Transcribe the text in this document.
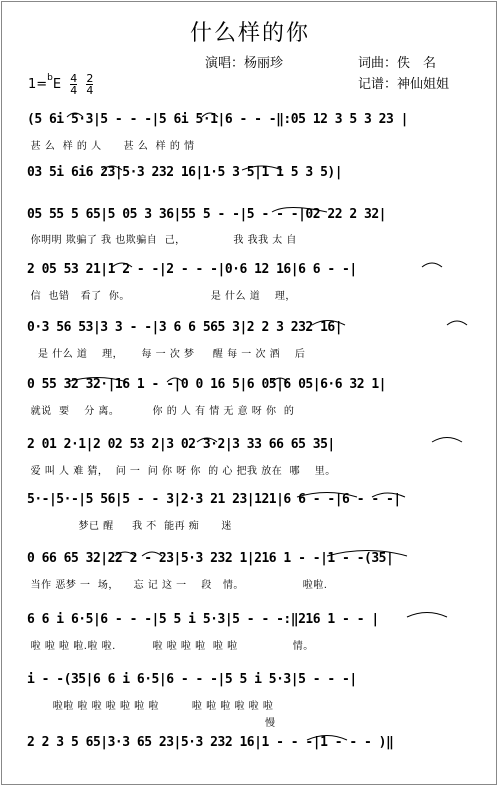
什么样的你
演唱：杨丽珍	词曲：佚　名
记谱：神仙姐姐
$1=^bE \frac{4}{4}$
$\frac{2}{4}$
(5 6i 5·3|5 - - -|5 6i 5·1|6 - - -‖:05 12 3 5 3 23 |
甚 么  样 的 人      甚 么  样 的 情
03 5i 6i6 23|5·3 232 16|1·5 3 5|1 1 5 3 5)|
05 55 5 65|5 05 3 36|55 5 - -|5 - - -|02 22 2 32|
你明明 欺骗了 我 也欺骗自  己，             我 我我 太 自
2 05 53 21|1 2 - -|2 - - -|0·6 12 16|6 6 - -|
信  也错   看了  你。                      是 什么 道    理，
0·3 56 53|3 3 - -|3 6 6 565 3|2 2 3 232 16|
是 什么 道    理，     每 一 次 梦     醒 每 一 次 酒    后
0 55 32 32·|16 1 - -|0 0 16 5|6 05|6 05|6·6 32 1|
就说  要    分 离。         你 的 人 有 情 无 意 呀 你  的
2 01 2·1|2 02 53 2|3 02 3·2|3 33 66 65 35|
爱 叫 人 难 猜，  问 一  问 你 呀 你  的 心 把我 放在  哪    里。
5·-|5·-|5 56|5 - - 3|2·3 21 23|121|6 6 - -|6 - - -|
梦已 醒     我 不  能再 痴      迷
0 66 65 32|22 2 - 23|5·3 232 1|216 1 - -|1 - -(35|
当作 恶梦 一  场，    忘 记 这 一    段   情。                啦啦.
6 6 i 6·5|6 - - -|5 5 i 5·3|5 - - -:‖216 1 - - |
啦 啦 啦 啦.啦 啦.          啦 啦 啦 啦  啦 啦               情。
i - -(35|6 6 i 6·5|6 - - -|5 5 i 5·3|5 - - -|
啦啦 啦 啦 啦 啦 啦 啦         啦 啦 啦 啦 啦 啦
慢
2 2 3 5 65|3·3 65 23|5·3 232 16|1 - - -|1 - - - )‖
